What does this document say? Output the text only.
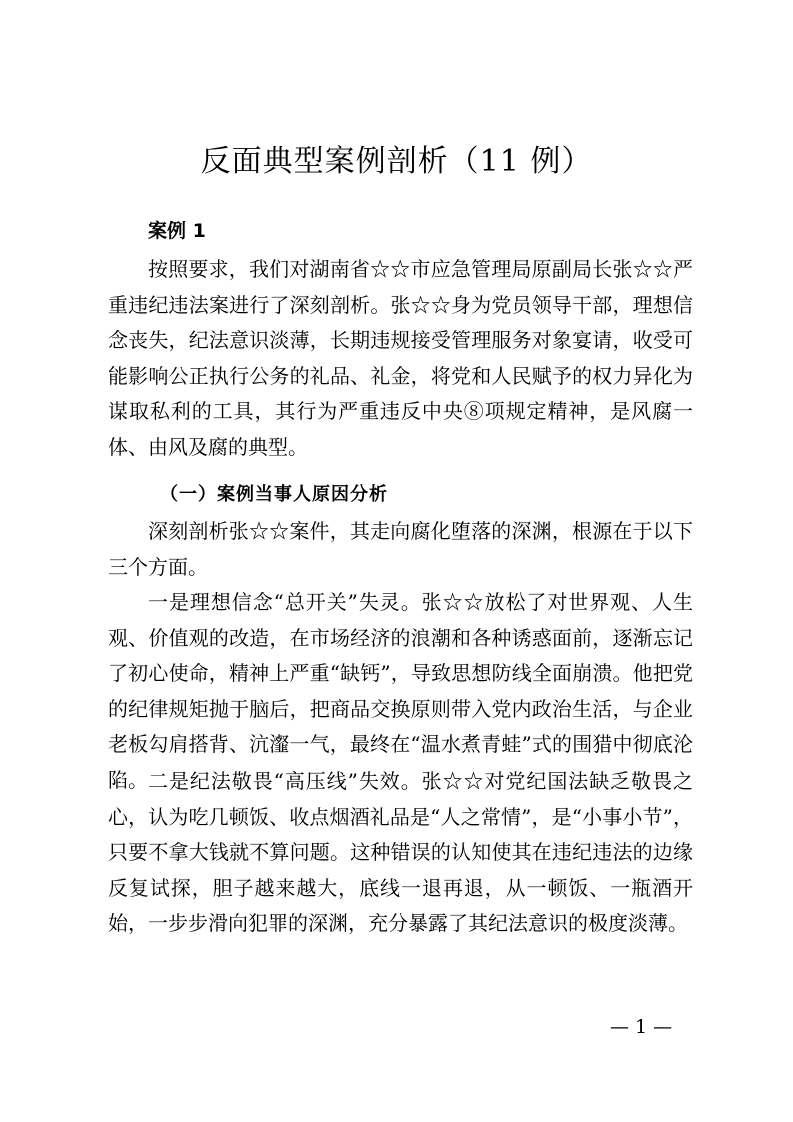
反面典型案例剖析（11 例）
案例 1

按照要求，我们对湖南省☆☆市应急管理局原副局长张☆☆严重违纪违法案进行了深刻剖析。张☆☆身为党员领导干部，理想信念丧失，纪法意识淡薄，长期违规接受管理服务对象宴请，收受可能影响公正执行公务的礼品、礼金，将党和人民赋予的权力异化为谋取私利的工具，其行为严重违反中央⑧项规定精神，是风腐一体、由风及腐的典型。

（一）案例当事人原因分析

深刻剖析张☆☆案件，其走向腐化堕落的深渊，根源在于以下三个方面。

一是理想信念“总开关”失灵。张☆☆放松了对世界观、人生观、价值观的改造，在市场经济的浪潮和各种诱惑面前，逐渐忘记了初心使命，精神上严重“缺钙”，导致思想防线全面崩溃。他把党的纪律规矩抛于脑后，把商品交换原则带入党内政治生活，与企业老板勾肩搭背、沆瀣一气，最终在“温水煮青蛙”式的围猎中彻底沦陷。 二是纪法敬畏“高压线”失效。张☆☆对党纪国法缺乏敬畏之心，认为吃几顿饭、收点烟酒礼品是“人之常情”，是“小事小节”，只要不拿大钱就不算问题。这种错误的认知使其在违纪违法的边缘反复试探，胆子越来越大，底线一退再退，从一顿饭、一瓶酒开始，一步步滑向犯罪的深渊，充分暴露了其纪法意识的极度淡薄。

— 1 —
